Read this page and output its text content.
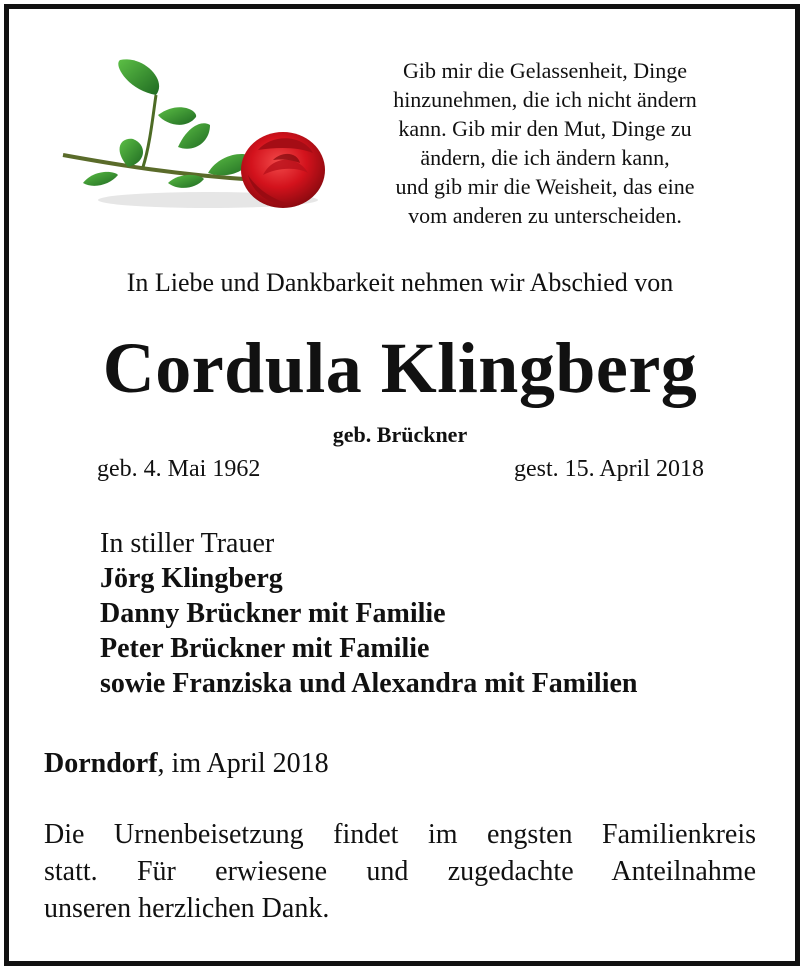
Gib mir die Gelassenheit, Dinge
hinzunehmen, die ich nicht ändern
kann. Gib mir den Mut, Dinge zu
ändern, die ich ändern kann,
und gib mir die Weisheit, das eine
vom anderen zu unterscheiden.
In Liebe und Dankbarkeit nehmen wir Abschied von
Cordula Klingberg
geb. Brückner
geb. 4. Mai 1962	gest. 15. April 2018
In stiller Trauer
Jörg Klingberg
Danny Brückner mit Familie
Peter Brückner mit Familie
sowie Franziska und Alexandra mit Familien
Dorndorf, im April 2018
Die Urnenbeisetzung findet im engsten Familienkreis
statt. Für erwiesene und zugedachte Anteilnahme
unseren herzlichen Dank.
